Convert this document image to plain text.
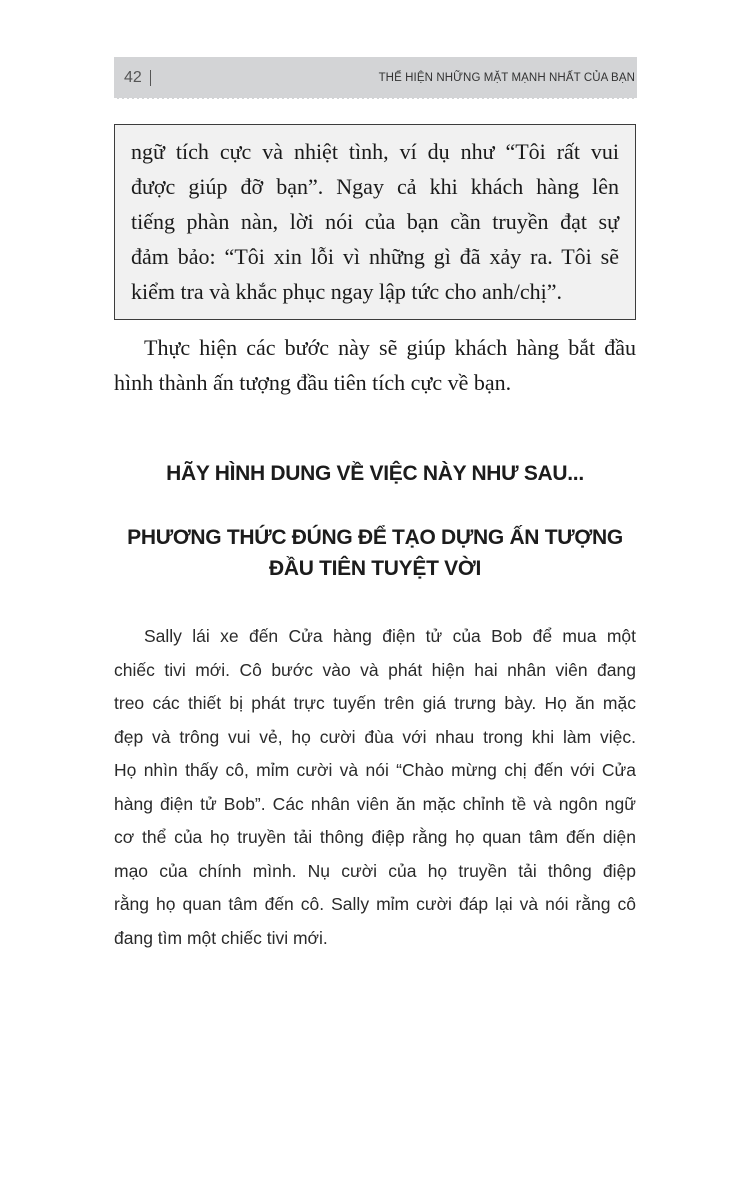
42	THỂ HIỆN NHỮNG MẶT MẠNH NHẤT CỦA BẠN
ngữ tích cực và nhiệt tình, ví dụ như “Tôi rất vui
được giúp đỡ bạn”. Ngay cả khi khách hàng lên
tiếng phàn nàn, lời nói của bạn cần truyền đạt sự
đảm bảo: “Tôi xin lỗi vì những gì đã xảy ra. Tôi sẽ
kiểm tra và khắc phục ngay lập tức cho anh/chị”.
Thực hiện các bước này sẽ giúp khách hàng bắt đầu
hình thành ấn tượng đầu tiên tích cực về bạn.
HÃY HÌNH DUNG VỀ VIỆC NÀY NHƯ SAU...
PHƯƠNG THỨC ĐÚNG ĐỂ TẠO DỰNG ẤN TƯỢNG
ĐẦU TIÊN TUYỆT VỜI
Sally lái xe đến Cửa hàng điện tử của Bob để mua một
chiếc tivi mới. Cô bước vào và phát hiện hai nhân viên đang
treo các thiết bị phát trực tuyến trên giá trưng bày. Họ ăn mặc
đẹp và trông vui vẻ, họ cười đùa với nhau trong khi làm việc.
Họ nhìn thấy cô, mỉm cười và nói “Chào mừng chị đến với Cửa
hàng điện tử Bob”. Các nhân viên ăn mặc chỉnh tề và ngôn ngữ
cơ thể của họ truyền tải thông điệp rằng họ quan tâm đến diện
mạo của chính mình. Nụ cười của họ truyền tải thông điệp
rằng họ quan tâm đến cô. Sally mỉm cười đáp lại và nói rằng cô
đang tìm một chiếc tivi mới.
